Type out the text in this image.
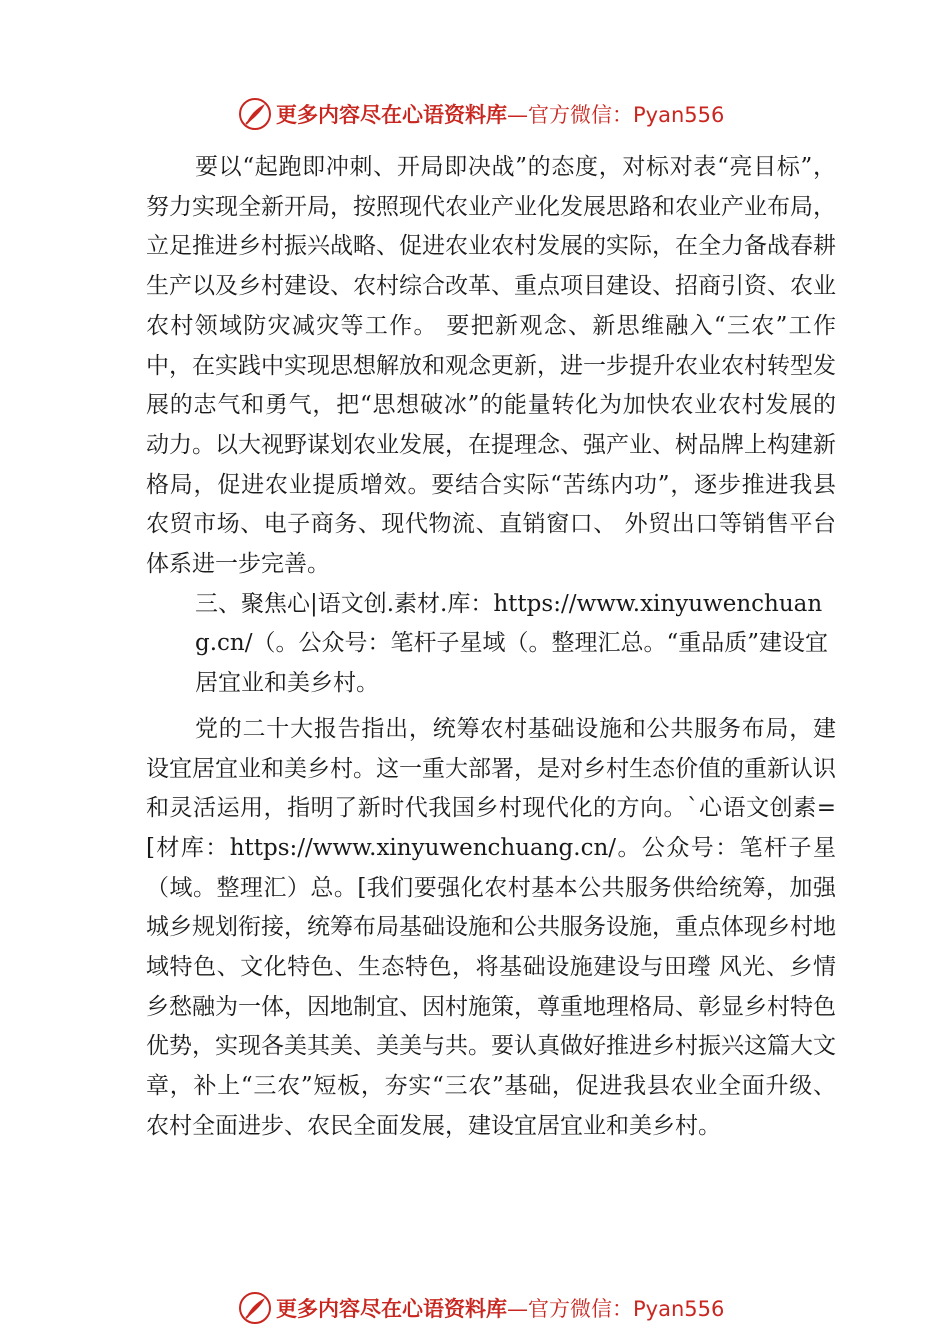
更多内容尽在心语资料库 —官方微信：Pyan556

要以“起跑即冲刺、开局即决战”的态度，对标对表“亮目标”，努力实现全新开局，按照现代农业产业化发展思路和农业产业布局，立足推进乡村振兴战略、促进农业农村发展的实际，在全力备战春耕生产以及乡村建设、农村综合改革、重点项目建设、招商引资、农业农村领域防灾减灾等工作。 要把新观念、新思维融入“三农”工作中，在实践中实现思想解放和观念更新，进一步提升农业农村转型发展的志气和勇气，把“思想破冰”的能量转化为加快农业农村发展的动力。以大视野谋划农业发展，在提理念、强产业、树品牌上构建新格局，促进农业提质增效。要结合实际“苦练内功”，逐步推进我县农贸市场、电子商务、现代物流、直销窗口、 外贸出口等销售平台体系进一步完善。

三、聚焦心|语文创.素材.库：https://www.xinyuwenchuang.cn/（。公众号：笔杆子星域（。整理汇总。“重品质”建设宜居宜业和美乡村。

党的二十大报告指出，统筹农村基础设施和公共服务布局，建设宜居宜业和美乡村。这一重大部署，是对乡村生态价值的重新认识和灵活运用，指明了新时代我国乡村现代化的方向。`心语文创素=[材库：https://www.xinyuwenchuang.cn/。公众号：笔杆子星（域。整理汇）总。[我们要强化农村基本公共服务供给统筹，加强城乡规划衔接，统筹布局基础设施和公共服务设施，重点体现乡村地域特色、文化特色、生态特色，将基础设施建设与田㼆 风光、乡情乡愁融为一体，因地制宜、因村施策，尊重地理格局、彰显乡村特色优势，实现各美其美、美美与共。要认真做好推进乡村振兴这篇大文章，补上“三农”短板，夯实“三农”基础，促进我县农业全面升级、农村全面进步、农民全面发展，建设宜居宜业和美乡村。

更多内容尽在心语资料库 —官方微信：Pyan556
